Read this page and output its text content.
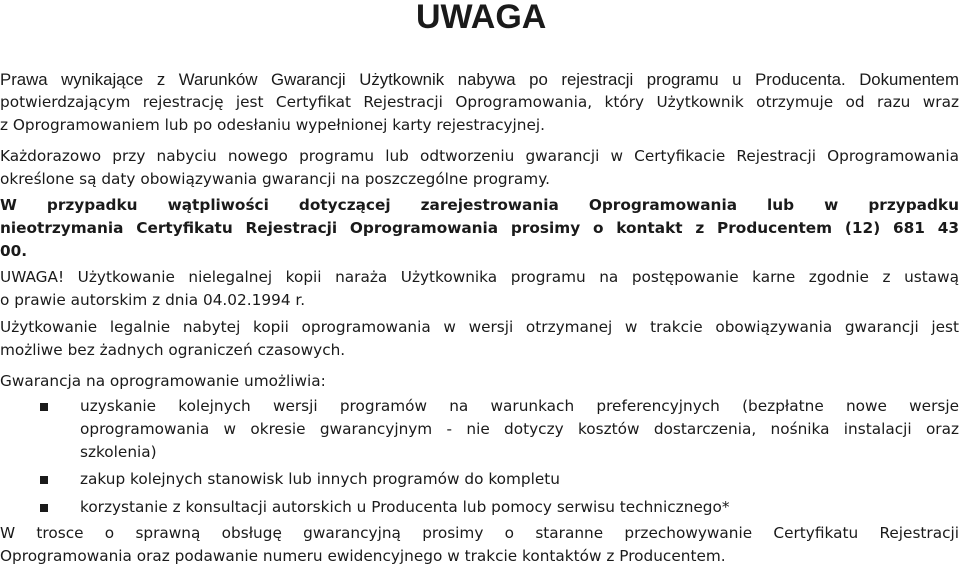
UWAGA
Prawa wynikające z Warunków Gwarancji Użytkownik nabywa po rejestracji programu u Producenta. Dokumentem
potwierdzającym rejestrację jest Certyfikat Rejestracji Oprogramowania, który Użytkownik otrzymuje od razu wraz
z Oprogramowaniem lub po odesłaniu wypełnionej karty rejestracyjnej.
Każdorazowo przy nabyciu nowego programu lub odtworzeniu gwarancji w Certyfikacie Rejestracji Oprogramowania
określone są daty obowiązywania gwarancji na poszczególne programy.
W przypadku wątpliwości dotyczącej zarejestrowania Oprogramowania lub w przypadku
nieotrzymania Certyfikatu Rejestracji Oprogramowania prosimy o kontakt z Producentem (12) 681 43
00.
UWAGA! Użytkowanie nielegalnej kopii naraża Użytkownika programu na postępowanie karne zgodnie z ustawą
o prawie autorskim z dnia 04.02.1994 r.
Użytkowanie legalnie nabytej kopii oprogramowania w wersji otrzymanej w trakcie obowiązywania gwarancji jest
możliwe bez żadnych ograniczeń czasowych.
Gwarancja na oprogramowanie umożliwia:
uzyskanie kolejnych wersji programów na warunkach preferencyjnych (bezpłatne nowe wersje
oprogramowania w okresie gwarancyjnym - nie dotyczy kosztów dostarczenia, nośnika instalacji oraz
szkolenia)
zakup kolejnych stanowisk lub innych programów do kompletu
korzystanie z konsultacji autorskich u Producenta lub pomocy serwisu technicznego*
W trosce o sprawną obsługę gwarancyjną prosimy o staranne przechowywanie Certyfikatu Rejestracji
Oprogramowania oraz podawanie numeru ewidencyjnego w trakcie kontaktów z Producentem.
